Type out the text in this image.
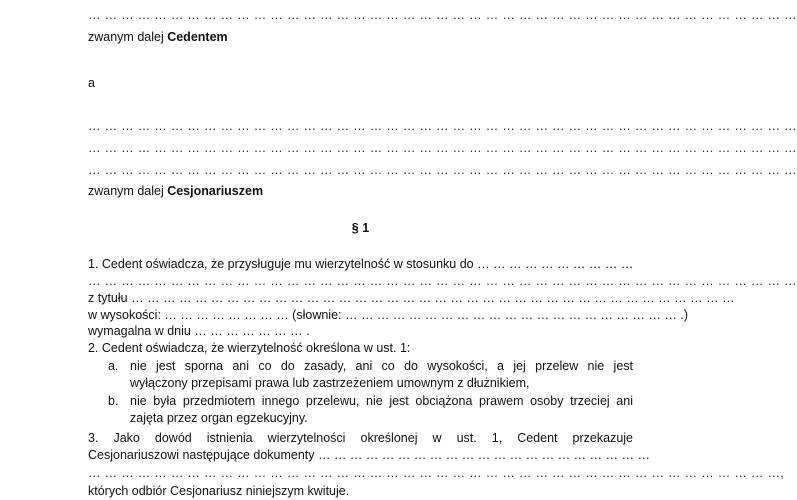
… … … … … … … … … … … … … … … … … … … … … … … … … … … … … … … … … … … … … … … … … … …
zwanym dalej Cedentem
a
… … … … … … … … … … … … … … … … … … … … … … … … … … … … … … … … … … … … … … … … … … …
… … … … … … … … … … … … … … … … … … … … … … … … … … … … … … … … … … … … … … … … … … …
… … … … … … … … … … … … … … … … … … … … … … … … … … … … … … … … … … … … … … … … … … …
zwanym dalej Cesjonariuszem
§ 1
1. Cedent oświadcza, że przysługuje mu wierzytelność w stosunku do … … … … … … … … … …
… … … … … … … … … … … … … … … … … … … … … … … … … … … … … … … … … … … … … … … … … … …
z tytułu … … … … … … … … … … … … … … … … … … … … … … … … … … … … … … … … … … … … … …
w wysokości: … … … … … … … … (słownie: … … … … … … … … … … … … … … … … … … … … … .)
wymagalna w dniu … … … … … … … .
2. Cedent oświadcza, że wierzytelność określona w ust. 1:
a. nie jest sporna ani co do zasady, ani co do wysokości, a jej przelew nie jest
wyłączony przepisami prawa lub zastrzeżeniem umownym z dłużnikiem,
b. nie była przedmiotem innego przelewu, nie jest obciążona prawem osoby trzeciej ani
zajęta przez organ egzekucyjny.
3. Jako dowód istnienia wierzytelności określonej w ust. 1, Cedent przekazuje
Cesjonariuszowi następujące dokumenty … … … … … … … … … … … … … … … … … … … … …
… … … … … … … … … … … … … … … … … … … … … … … … … … … … … … … … … … … … … … … … … …,
których odbiór Cesjonariusz niniejszym kwituje.
